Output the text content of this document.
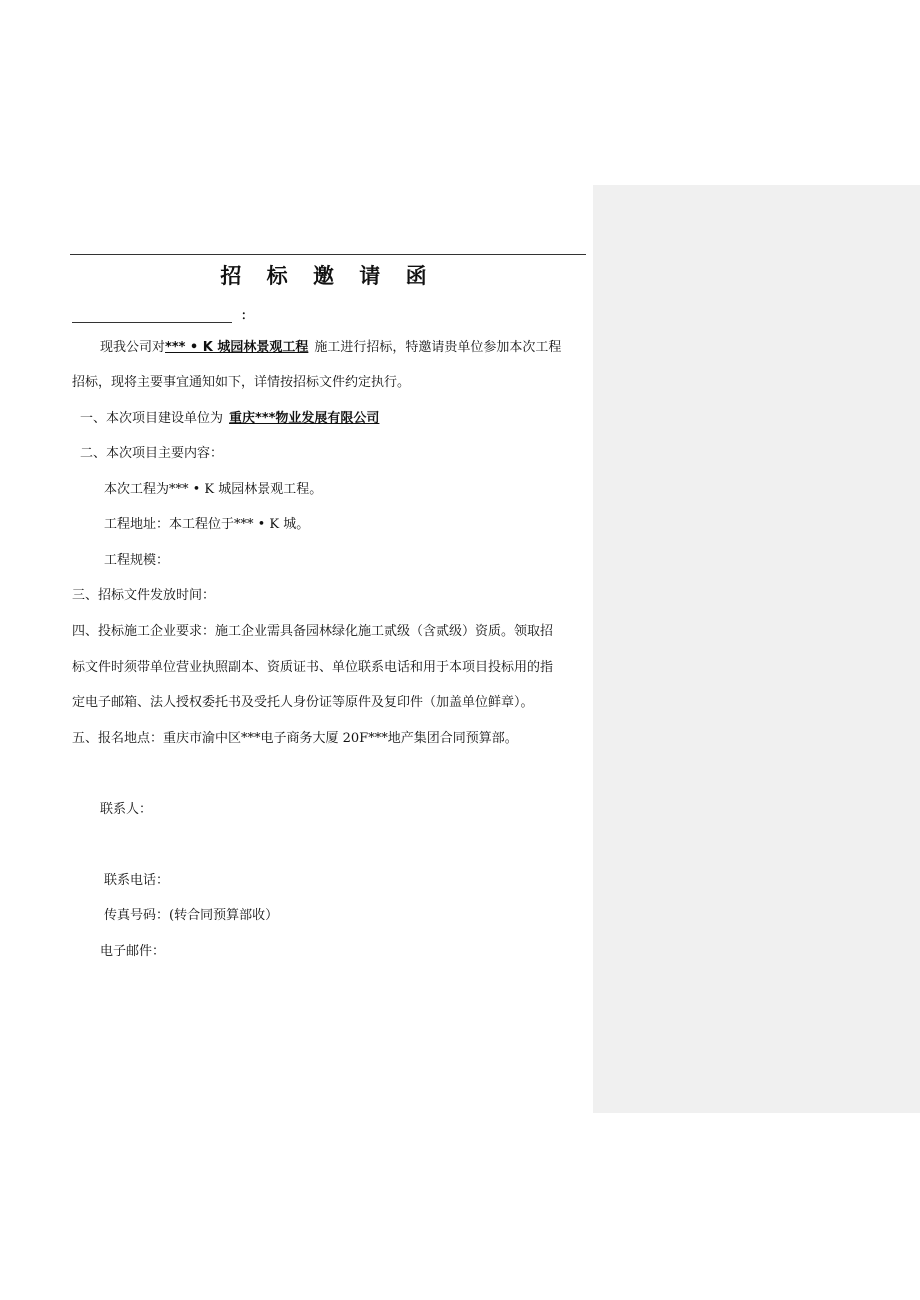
招 标 邀 请 函
：
现我公司对*** • K 城园林景观工程 施工进行招标，特邀请贵单位参加本次工程
招标，现将主要事宜通知如下，详情按招标文件约定执行。
一、本次项目建设单位为 重庆***物业发展有限公司
二、本次项目主要内容：
本次工程为*** • K 城园林景观工程。
工程地址：本工程位于*** • K 城。
工程规模：
三、招标文件发放时间：
四、投标施工企业要求：施工企业需具备园林绿化施工贰级（含贰级）资质。领取招
标文件时须带单位营业执照副本、资质证书、单位联系电话和用于本项目投标用的指
定电子邮箱、法人授权委托书及受托人身份证等原件及复印件（加盖单位鲜章）。
五、报名地点：重庆市渝中区***电子商务大厦 20F***地产集团合同预算部。
联系人：
联系电话：
传真号码：(转合同预算部收）
电子邮件：
